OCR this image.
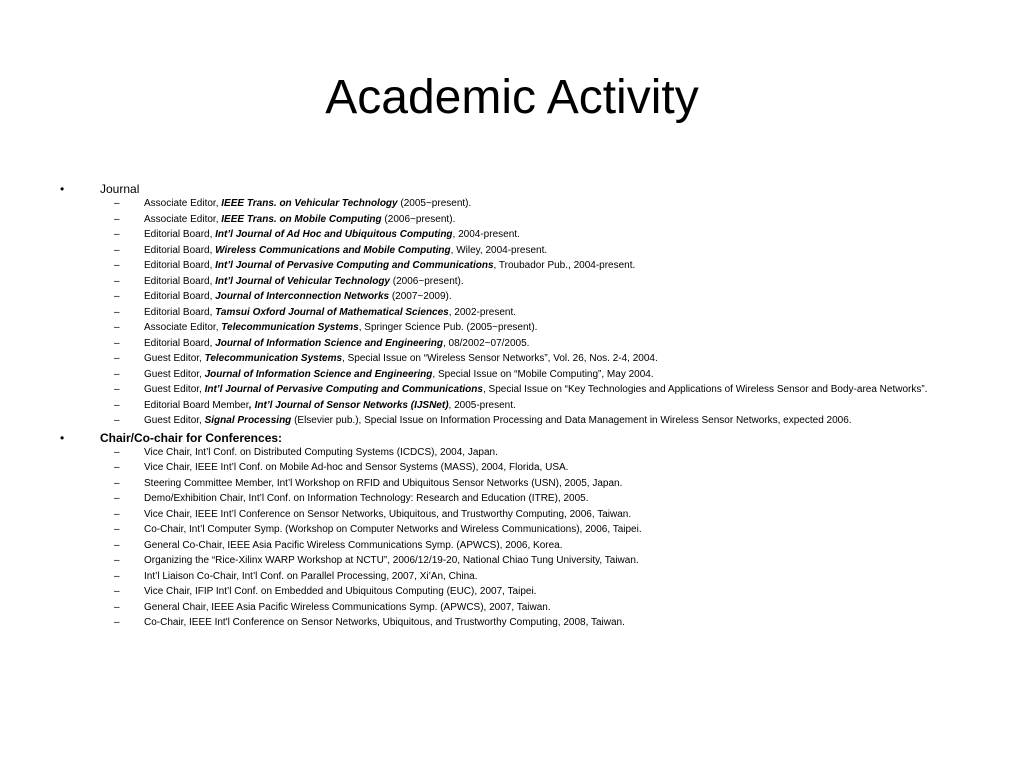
Academic Activity
•	Journal
– Associate Editor, IEEE Trans. on Vehicular Technology (2005~present).
– Associate Editor, IEEE Trans. on Mobile Computing (2006~present).
– Editorial Board, Int’l Journal of Ad Hoc and Ubiquitous Computing, 2004-present.
– Editorial Board, Wireless Communications and Mobile Computing, Wiley, 2004-present.
– Editorial Board, Int’l Journal of Pervasive Computing and Communications, Troubador Pub., 2004-present.
– Editorial Board, Int’l Journal of Vehicular Technology (2006~present).
– Editorial Board, Journal of Interconnection Networks (2007~2009).
– Editorial Board, Tamsui Oxford Journal of Mathematical Sciences, 2002-present.
– Associate Editor, Telecommunication Systems, Springer Science Pub. (2005~present).
– Editorial Board, Journal of Information Science and Engineering, 08/2002~07/2005.
– Guest Editor, Telecommunication Systems, Special Issue on “Wireless Sensor Networks”, Vol. 26, Nos. 2-4, 2004.
– Guest Editor, Journal of Information Science and Engineering, Special Issue on “Mobile Computing”, May 2004.
– Guest Editor, Int’l Journal of Pervasive Computing and Communications, Special Issue on “Key Technologies and Applications of Wireless Sensor and Body-area Networks”.
– Editorial Board Member, Int’l Journal of Sensor Networks (IJSNet), 2005-present.
– Guest Editor, Signal Processing (Elsevier pub.), Special Issue on Information Processing and Data Management in Wireless Sensor Networks, expected 2006.
•	Chair/Co-chair for Conferences:
– Vice Chair, Int’l Conf. on Distributed Computing Systems (ICDCS), 2004, Japan.
– Vice Chair, IEEE Int’l Conf. on Mobile Ad-hoc and Sensor Systems (MASS), 2004, Florida, USA.
– Steering Committee Member, Int’l Workshop on RFID and Ubiquitous Sensor Networks (USN), 2005, Japan.
– Demo/Exhibition Chair, Int’l Conf. on Information Technology: Research and Education (ITRE), 2005.
– Vice Chair, IEEE Int’l Conference on Sensor Networks, Ubiquitous, and Trustworthy Computing, 2006, Taiwan.
– Co-Chair, Int’l Computer Symp. (Workshop on Computer Networks and Wireless Communications), 2006, Taipei.
– General Co-Chair, IEEE Asia Pacific Wireless Communications Symp. (APWCS), 2006, Korea.
– Organizing the “Rice-Xilinx WARP Workshop at NCTU”, 2006/12/19-20, National Chiao Tung University, Taiwan.
– Int’l Liaison Co-Chair, Int’l Conf. on Parallel Processing, 2007, Xi’An, China.
– Vice Chair, IFIP Int’l Conf. on Embedded and Ubiquitous Computing (EUC), 2007, Taipei.
– General Chair, IEEE Asia Pacific Wireless Communications Symp. (APWCS), 2007, Taiwan.
– Co-Chair, IEEE Int'l Conference on Sensor Networks, Ubiquitous, and Trustworthy Computing, 2008, Taiwan.
